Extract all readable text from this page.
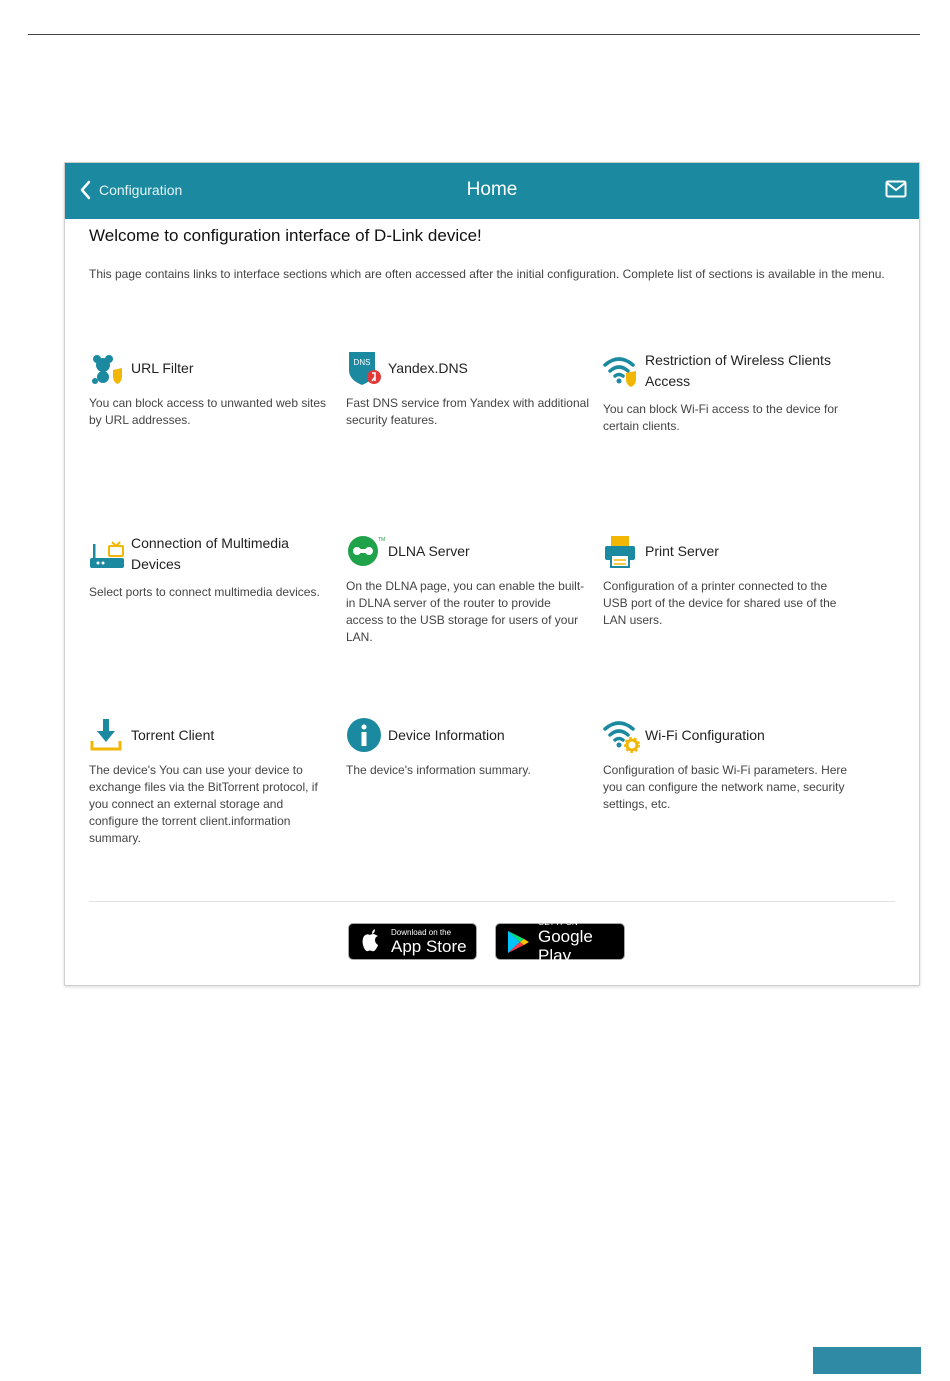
Configuration	Home
Welcome to configuration interface of D-Link device!

This page contains links to interface sections which are often accessed after the initial configuration. Complete list of sections is available in the menu.

URL Filter
You can block access to unwanted web sites by URL addresses.
DNS Yandex.DNS
Fast DNS service from Yandex with additional security features.
Restriction of Wireless Clients Access
You can block Wi-Fi access to the device for certain clients.
Connection of Multimedia Devices
Select ports to connect multimedia devices.
TM
DLNA Server
On the DLNA page, you can enable the built-in DLNA server of the router to provide access to the USB storage for users of your LAN.
Print Server
Configuration of a printer connected to the USB port of the device for shared use of the LAN users.
Torrent Client
The device's You can use your device to exchange files via the BitTorrent protocol, if you connect an external storage and configure the torrent client.information summary.
Device Information
The device's information summary.
Wi-Fi Configuration
Configuration of basic Wi-Fi parameters. Here you can configure the network name, security settings, etc.
Download on the
App Store
GET IT ON
Google Play
